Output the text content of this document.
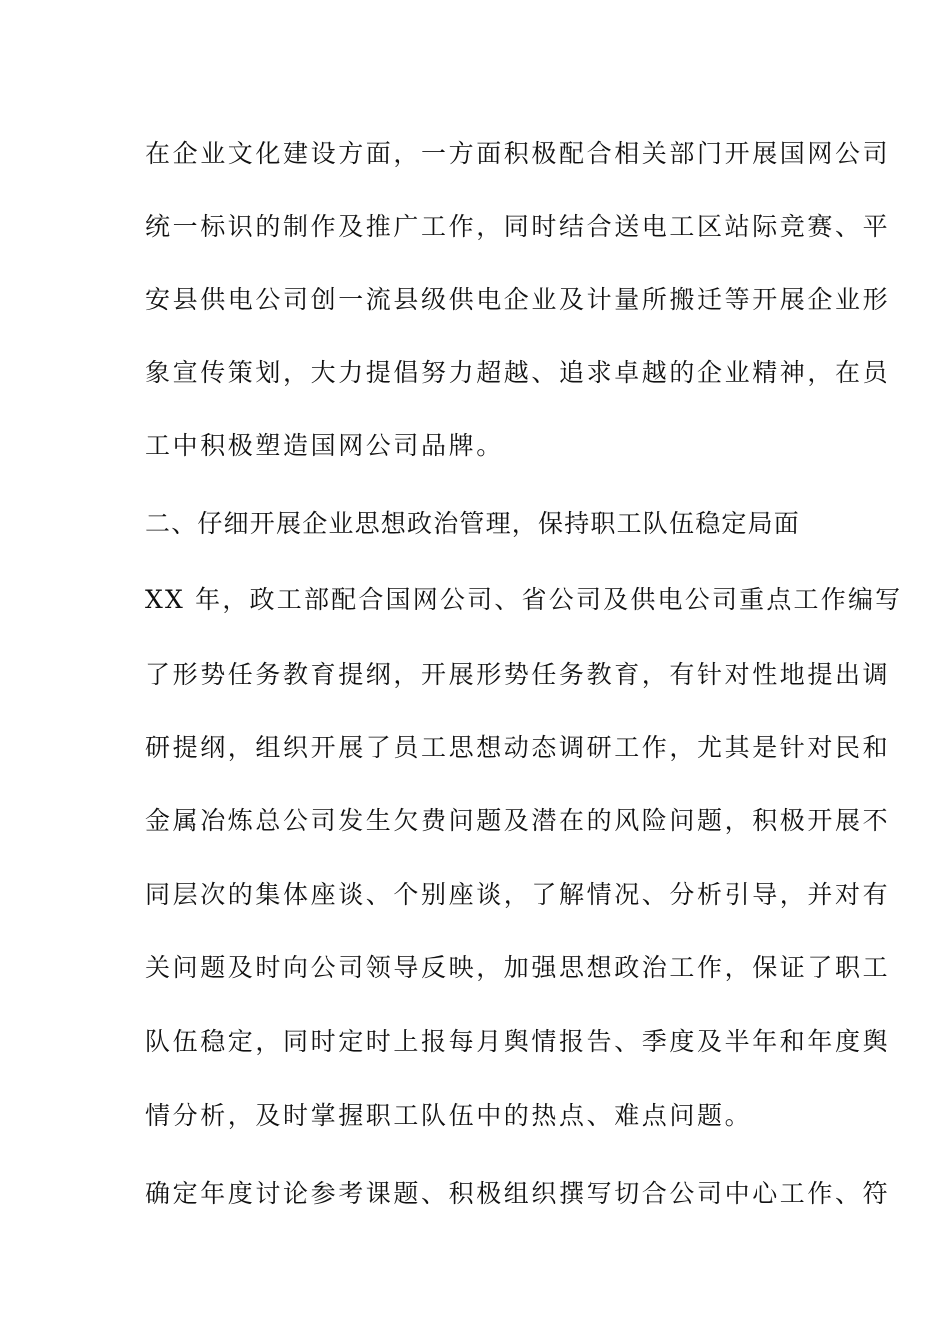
在企业文化建设方面，一方面积极配合相关部门开展国网公司
统一标识的制作及推广工作，同时结合送电工区站际竞赛、平
安县供电公司创一流县级供电企业及计量所搬迁等开展企业形
象宣传策划，大力提倡努力超越、追求卓越的企业精神，在员
工中积极塑造国网公司品牌。
二、仔细开展企业思想政治管理，保持职工队伍稳定局面
XX 年，政工部配合国网公司、省公司及供电公司重点工作编写
了形势任务教育提纲，开展形势任务教育，有针对性地提出调
研提纲，组织开展了员工思想动态调研工作，尤其是针对民和
金属冶炼总公司发生欠费问题及潜在的风险问题，积极开展不
同层次的集体座谈、个别座谈，了解情况、分析引导，并对有
关问题及时向公司领导反映，加强思想政治工作，保证了职工
队伍稳定，同时定时上报每月舆情报告、季度及半年和年度舆
情分析，及时掌握职工队伍中的热点、难点问题。
确定年度讨论参考课题、积极组织撰写切合公司中心工作、符
